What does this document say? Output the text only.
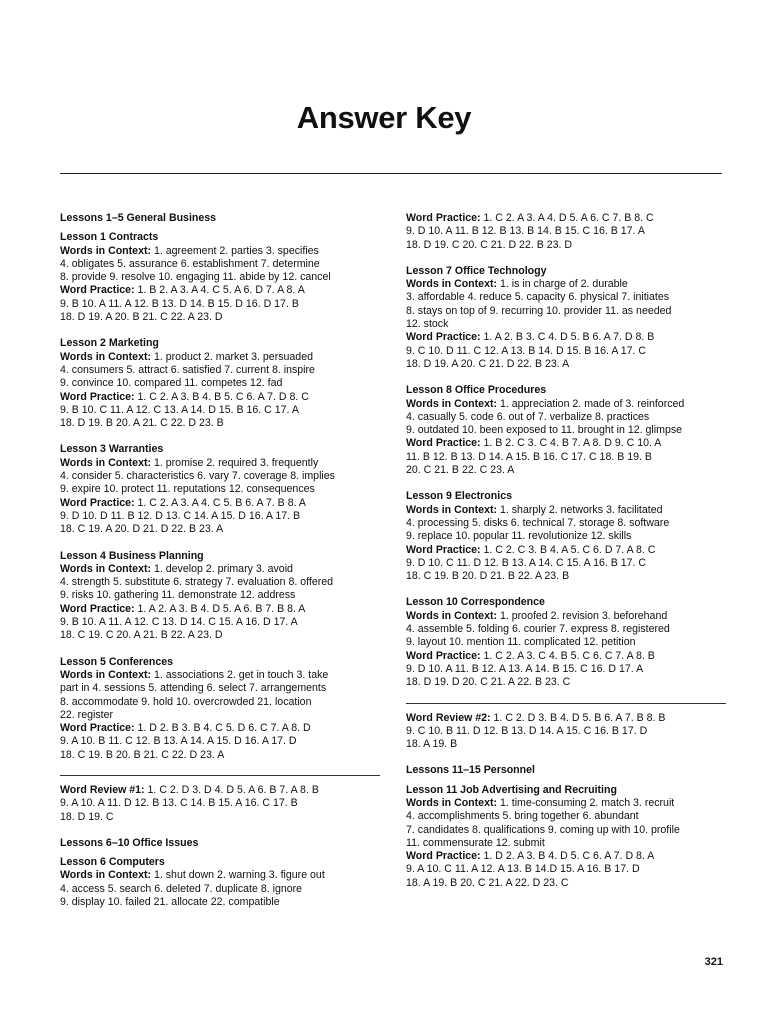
Answer Key
Lessons 1–5 General Business
Lesson 1 Contracts
Words in Context: 1. agreement 2. parties 3. specifies
4. obligates 5. assurance 6. establishment 7. determine
8. provide 9. resolve 10. engaging 11. abide by 12. cancel
Word Practice: 1. B 2. A 3. A 4. C 5. A 6. D 7. A 8. A
9. B 10. A 11. A 12. B 13. D 14. B 15. D 16. D 17. B
18. D 19. A 20. B 21. C 22. A 23. D
Lesson 2 Marketing
Words in Context: 1. product 2. market 3. persuaded
4. consumers 5. attract 6. satisfied 7. current 8. inspire
9. convince 10. compared 11. competes 12. fad
Word Practice: 1. C 2. A 3. B 4. B 5. C 6. A 7. D 8. C
9. B 10. C 11. A 12. C 13. A 14. D 15. B 16. C 17. A
18. D 19. B 20. A 21. C 22. D 23. B
Lesson 3 Warranties
Words in Context: 1. promise 2. required 3. frequently
4. consider 5. characteristics 6. vary 7. coverage 8. implies
9. expire 10. protect 11. reputations 12. consequences
Word Practice: 1. C 2. A 3. A 4. C 5. B 6. A 7. B 8. A
9. D 10. D 11. B 12. D 13. C 14. A 15. D 16. A 17. B
18. C 19. A 20. D 21. D 22. B 23. A
Lesson 4 Business Planning
Words in Context: 1. develop 2. primary 3. avoid
4. strength 5. substitute 6. strategy 7. evaluation 8. offered
9. risks 10. gathering 11. demonstrate 12. address
Word Practice: 1. A 2. A 3. B 4. D 5. A 6. B 7. B 8. A
9. B 10. A 11. A 12. C 13. D 14. C 15. A 16. D 17. A
18. C 19. C 20. A 21. B 22. A 23. D
Lesson 5 Conferences
Words in Context: 1. associations 2. get in touch 3. take
part in 4. sessions 5. attending 6. select 7. arrangements
8. accommodate 9. hold 10. overcrowded 21. location
22. register
Word Practice: 1. D 2. B 3. B 4. C 5. D 6. C 7. A 8. D
9. A 10. B 11. C 12. B 13. A 14. A 15. D 16. A 17. D
18. C 19. B 20. B 21. C 22. D 23. A
Word Review #1: 1. C 2. D 3. D 4. D 5. A 6. B 7. A 8. B
9. A 10. A 11. D 12. B 13. C 14. B 15. A 16. C 17. B
18. D 19. C
Lessons 6–10 Office Issues
Lesson 6 Computers
Words in Context: 1. shut down 2. warning 3. figure out
4. access 5. search 6. deleted 7. duplicate 8. ignore
9. display 10. failed 21. allocate 22. compatible
Word Practice: 1. C 2. A 3. A 4. D 5. A 6. C 7. B 8. C
9. D 10. A 11. B 12. B 13. B 14. B 15. C 16. B 17. A
18. D 19. C 20. C 21. D 22. B 23. D
Lesson 7 Office Technology
Words in Context: 1. is in charge of 2. durable
3. affordable 4. reduce 5. capacity 6. physical 7. initiates
8. stays on top of 9. recurring 10. provider 11. as needed
12. stock
Word Practice: 1. A 2. B 3. C 4. D 5. B 6. A 7. D 8. B
9. C 10. D 11. C 12. A 13. B 14. D 15. B 16. A 17. C
18. D 19. A 20. C 21. D 22. B 23. A
Lesson 8 Office Procedures
Words in Context: 1. appreciation 2. made of 3. reinforced
4. casually 5. code 6. out of 7. verbalize 8. practices
9. outdated 10. been exposed to 11. brought in 12. glimpse
Word Practice: 1. B 2. C 3. C 4. B 7. A 8. D 9. C 10. A
11. B 12. B 13. D 14. A 15. B 16. C 17. C 18. B 19. B
20. C 21. B 22. C 23. A
Lesson 9 Electronics
Words in Context: 1. sharply 2. networks 3. facilitated
4. processing 5. disks 6. technical 7. storage 8. software
9. replace 10. popular 11. revolutionize 12. skills
Word Practice: 1. C 2. C 3. B 4. A 5. C 6. D 7. A 8. C
9. D 10. C 11. D 12. B 13. A 14. C 15. A 16. B 17. C
18. C 19. B 20. D 21. B 22. A 23. B
Lesson 10 Correspondence
Words in Context: 1. proofed 2. revision 3. beforehand
4. assemble 5. folding 6. courier 7. express 8. registered
9. layout 10. mention 11. complicated 12. petition
Word Practice: 1. C 2. A 3. C 4. B 5. C 6. C 7. A 8. B
9. D 10. A 11. B 12. A 13. A 14. B 15. C 16. D 17. A
18. D 19. D 20. C 21. A 22. B 23. C
Word Review #2: 1. C 2. D 3. B 4. D 5. B 6. A 7. B 8. B
9. C 10. B 11. D 12. B 13. D 14. A 15. C 16. B 17. D
18. A 19. B
Lessons 11–15 Personnel
Lesson 11 Job Advertising and Recruiting
Words in Context: 1. time-consuming 2. match 3. recruit
4. accomplishments 5. bring together 6. abundant
7. candidates 8. qualifications 9. coming up with 10. profile
11. commensurate 12. submit
Word Practice: 1. D 2. A 3. B 4. D 5. C 6. A 7. D 8. A
9. A 10. C 11. A 12. A 13. B 14.D 15. A 16. B 17. D
18. A 19. B 20. C 21. A 22. D 23. C
321
